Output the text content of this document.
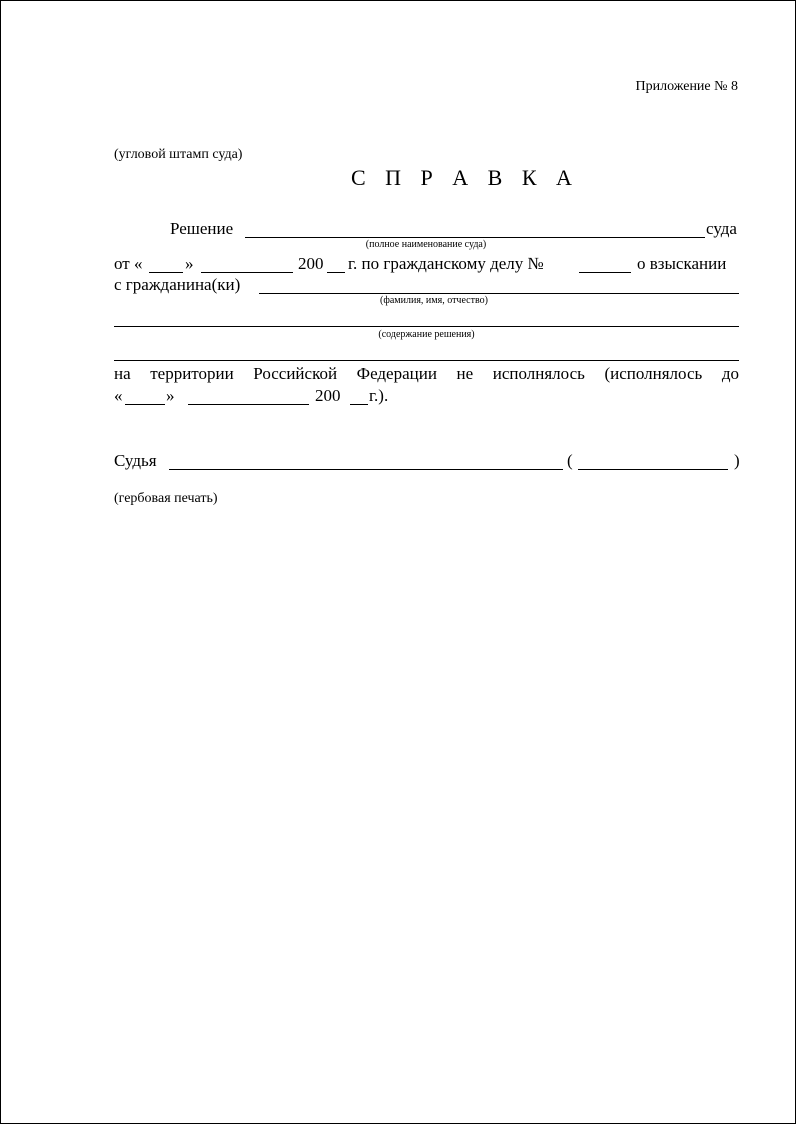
Приложение № 8
(угловой штамп суда)
С П Р А В К А
Решение	суда
(полное наименование суда)
от «	»	200 г. по гражданскому делу №	о взыскании
с гражданина(ки)
(фамилия, имя, отчество)
(содержание решения)
на территории Российской Федерации не исполнялось (исполнялось до
«	»	200 г.).
Судья	(	)
(гербовая печать)
